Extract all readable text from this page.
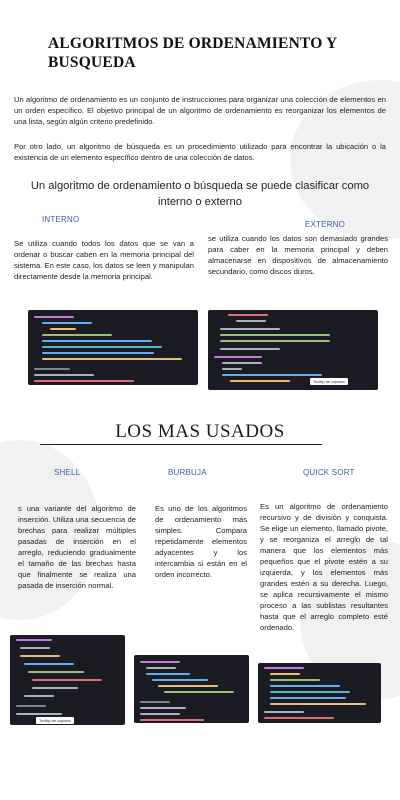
ALGORITMOS DE ORDENAMIENTO Y BUSQUEDA
Un algoritmo de ordenamiento es un conjunto de instrucciones para organizar una colección de elementos en un orden específico. El objetivo principal de un algoritmo de ordenamiento es reorganizar los elementos de una lista, según algún criterio predefinido.
Por otro lado, un algoritmo de búsqueda es un procedimiento utilizado para encontrar la ubicación o la existencia de un elemento específico dentro de una colección de datos.
Un algoritmo de ordenamiento o búsqueda se puede clasificar como interno o externo
INTERNO
EXTERNO
Se utiliza cuando todos los datos que se van a ordenar o buscar caben en la memoria principal del sistema. En este caso, los datos se leen y manipulan directamente desde la memoria principal.
se utiliza cuando los datos son demasiado grandes para caber en la memoria principal y deben almacenarse en dispositivos de almacenamiento secundario, como discos duros.
Tooltip de captura
LOS MAS USADOS
SHELL	BURBUJA	QUICK SORT
s una variante del algoritmo de inserción. Utiliza una secuencia de brechas para realizar múltiples pasadas de inserción en el arreglo, reduciendo gradualmente el tamaño de las brechas hasta que finalmente se realiza una pasada de inserción normal.
Es uno de los algoritmos de ordenamiento más simples. Compara repetidamente elementos adyacentes y los intercambia si están en el orden incorrecto.
Es un algoritmo de ordenamiento recursivo y de división y conquista. Se elige un elemento, llamado pivote, y se reorganiza el arreglo de tal manera que los elementos más pequeños que el pivote estén a su izquierda, y los elementos más grandes estén a su derecha. Luego, se aplica recursivamente el mismo proceso a las sublistas resultantes hasta que el arreglo completo esté ordenado.
Tooltip de captura
